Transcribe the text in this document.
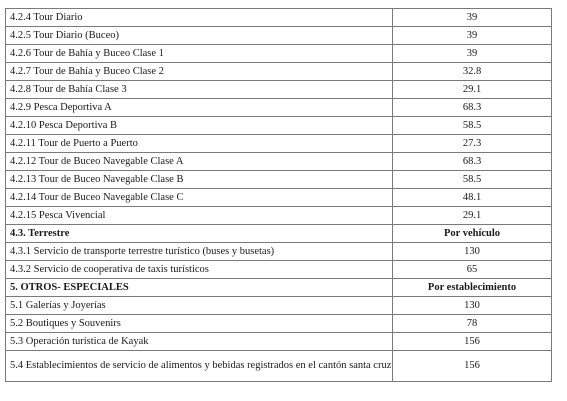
4.2.4 Tour Diario	39
4.2.5 Tour Diario (Buceo)	39
4.2.6 Tour de Bahía y Buceo Clase 1	39
4.2.7 Tour de Bahía y Buceo Clase 2	32.8
4.2.8 Tour de Bahía Clase 3	29.1
4.2.9 Pesca Deportiva A	68.3
4.2.10 Pesca Deportiva B	58.5
4.2.11 Tour de Puerto a Puerto	27.3
4.2.12 Tour de Buceo Navegable Clase A	68.3
4.2.13 Tour de Buceo Navegable Clase B	58.5
4.2.14 Tour de Buceo Navegable Clase C	48.1
4.2.15 Pesca Vivencial	29.1
4.3. Terrestre	Por vehículo
4.3.1 Servicio de transporte terrestre turístico (buses y busetas)	130
4.3.2 Servicio de cooperativa de taxis turísticos	65
5. OTROS- ESPECIALES	Por establecimiento
5.1 Galerías y Joyerías	130
5.2 Boutiques y Souvenirs	78
5.3 Operación turística de Kayak	156
5.4 Establecimientos de servicio de alimentos y bebidas registrados en el cantón santa cruz	156
